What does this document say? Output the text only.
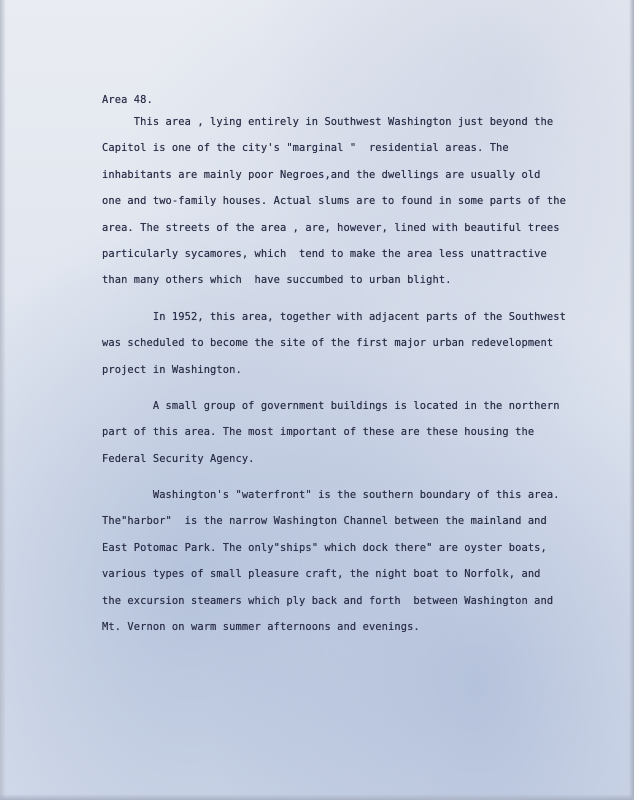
Area 48.
This area , lying entirely in Southwest Washington just beyond the
Capitol is one of the city's "marginal "  residential areas. The
inhabitants are mainly poor Negroes,and the dwellings are usually old
one and two-family houses. Actual slums are to found in some parts of the
area. The streets of the area , are, however, lined with beautiful trees
particularly sycamores, which  tend to make the area less unattractive
than many others which  have succumbed to urban blight.
In 1952, this area, together with adjacent parts of the Southwest
was scheduled to become the site of the first major urban redevelopment
project in Washington.
A small group of government buildings is located in the northern
part of this area. The most important of these are these housing the
Federal Security Agency.
Washington's "waterfront" is the southern boundary of this area.
The"harbor"  is the narrow Washington Channel between the mainland and
East Potomac Park. The only"ships" which dock there" are oyster boats,
various types of small pleasure craft, the night boat to Norfolk, and
the excursion steamers which ply back and forth  between Washington and
Mt. Vernon on warm summer afternoons and evenings.
